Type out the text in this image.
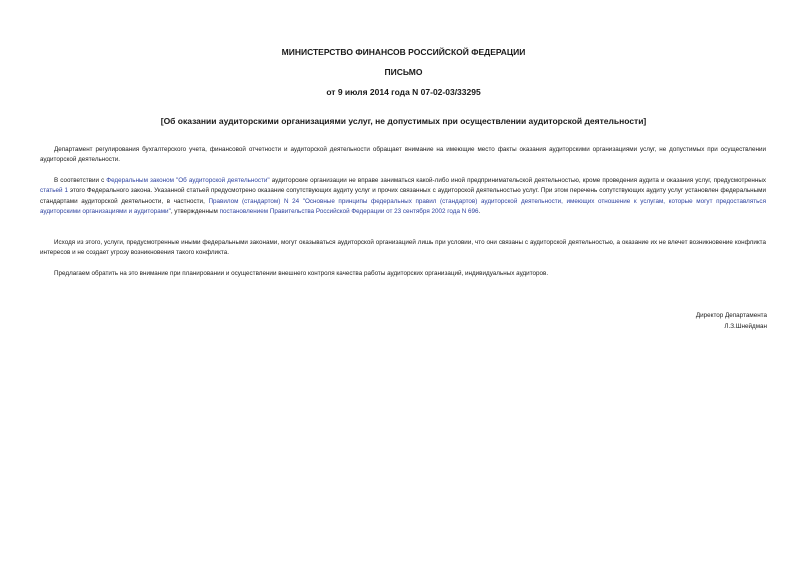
МИНИСТЕРСТВО ФИНАНСОВ РОССИЙСКОЙ ФЕДЕРАЦИИ
ПИСЬМО
от 9 июля 2014 года N 07-02-03/33295
[Об оказании аудиторскими организациями услуг, не допустимых при осуществлении аудиторской деятельности]

Департамент регулирования бухгалтерского учета, финансовой отчетности и аудиторской деятельности обращает внимание на имеющие место факты оказания аудиторскими организациями услуг, не допустимых при осуществлении аудиторской деятельности.

В соответствии с Федеральным законом "Об аудиторской деятельности" аудиторские организации не вправе заниматься какой-либо иной предпринимательской деятельностью, кроме проведения аудита и оказания услуг, предусмотренных статьей 1 этого Федерального закона. Указанной статьей предусмотрено оказание сопутствующих аудиту услуг и прочих связанных с аудиторской деятельностью услуг. При этом перечень сопутствующих аудиту услуг установлен федеральными стандартами аудиторской деятельности, в частности, Правилом (стандартом) N 24 "Основные принципы федеральных правил (стандартов) аудиторской деятельности, имеющих отношение к услугам, которые могут предоставляться аудиторскими организациями и аудиторами", утвержденным постановлением Правительства Российской Федерации от 23 сентября 2002 года N 696.

Исходя из этого, услуги, предусмотренные иными федеральными законами, могут оказываться аудиторской организацией лишь при условии, что они связаны с аудиторской деятельностью, а оказание их не влечет возникновение конфликта интересов и не создает угрозу возникновения такого конфликта.

Предлагаем обратить на это внимание при планировании и осуществлении внешнего контроля качества работы аудиторских организаций, индивидуальных аудиторов.

Директор Департамента
Л.З.Шнейдман
